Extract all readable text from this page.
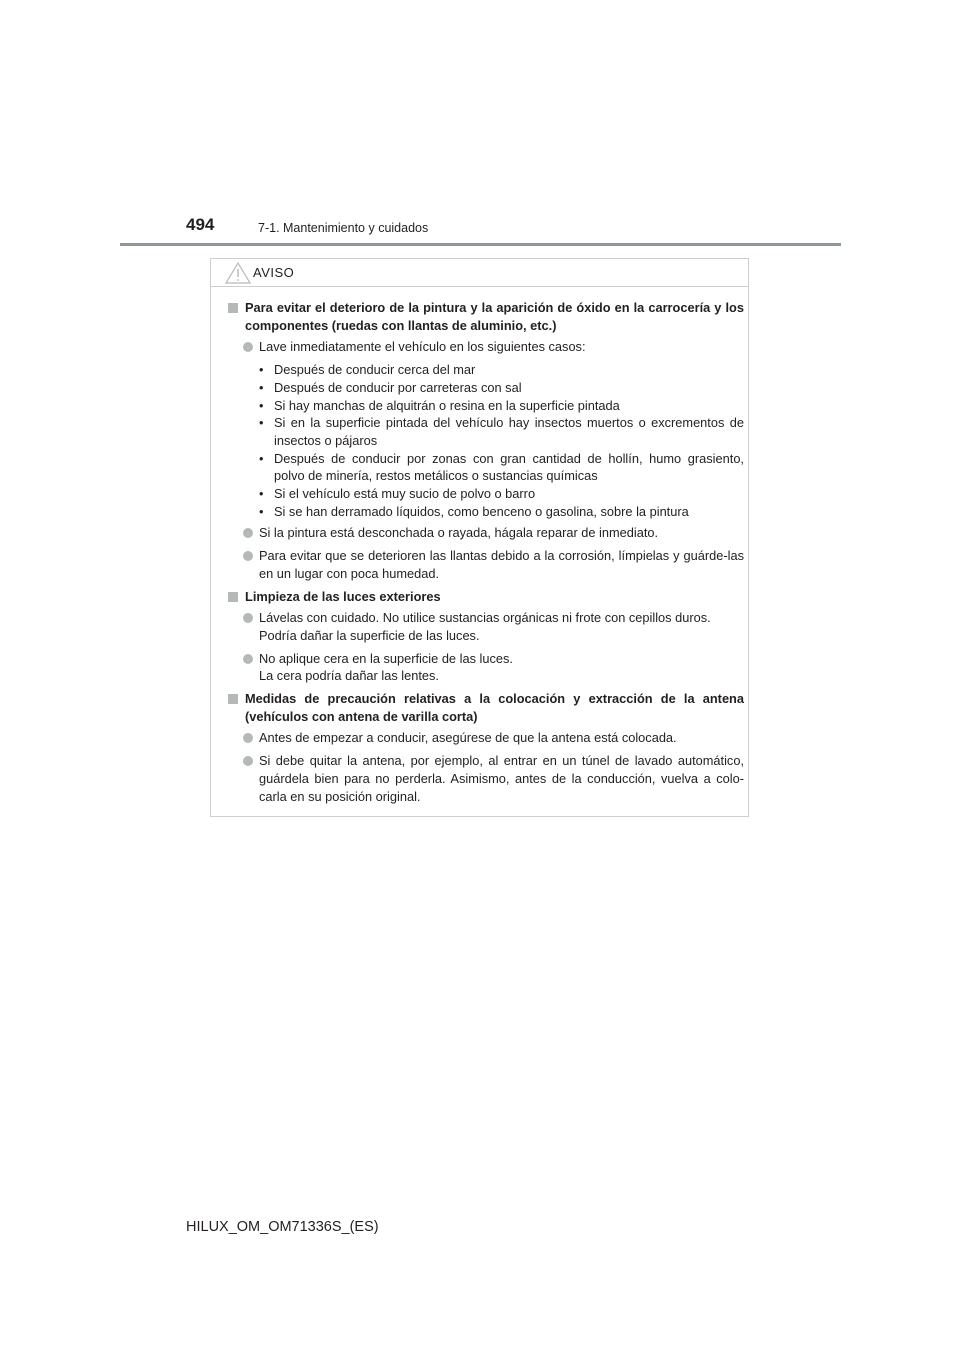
494	7-1. Mantenimiento y cuidados
AVISO
Para evitar el deterioro de la pintura y la aparición de óxido en la carrocería y los componentes (ruedas con llantas de aluminio, etc.)
Lave inmediatamente el vehículo en los siguientes casos:
• Después de conducir cerca del mar
• Después de conducir por carreteras con sal
• Si hay manchas de alquitrán o resina en la superficie pintada
• Si en la superficie pintada del vehículo hay insectos muertos o excrementos de insectos o pájaros
• Después de conducir por zonas con gran cantidad de hollín, humo grasiento, polvo de minería, restos metálicos o sustancias químicas
• Si el vehículo está muy sucio de polvo o barro
• Si se han derramado líquidos, como benceno o gasolina, sobre la pintura
Si la pintura está desconchada o rayada, hágala reparar de inmediato.
Para evitar que se deterioren las llantas debido a la corrosión, límpielas y guárde-las en un lugar con poca humedad.
Limpieza de las luces exteriores
Lávelas con cuidado. No utilice sustancias orgánicas ni frote con cepillos duros.
Podría dañar la superficie de las luces.
No aplique cera en la superficie de las luces.
La cera podría dañar las lentes.
Medidas de precaución relativas a la colocación y extracción de la antena (vehículos con antena de varilla corta)
Antes de empezar a conducir, asegúrese de que la antena está colocada.
Si debe quitar la antena, por ejemplo, al entrar en un túnel de lavado automático, guárdela bien para no perderla. Asimismo, antes de la conducción, vuelva a colo-carla en su posición original.
HILUX_OM_OM71336S_(ES)
